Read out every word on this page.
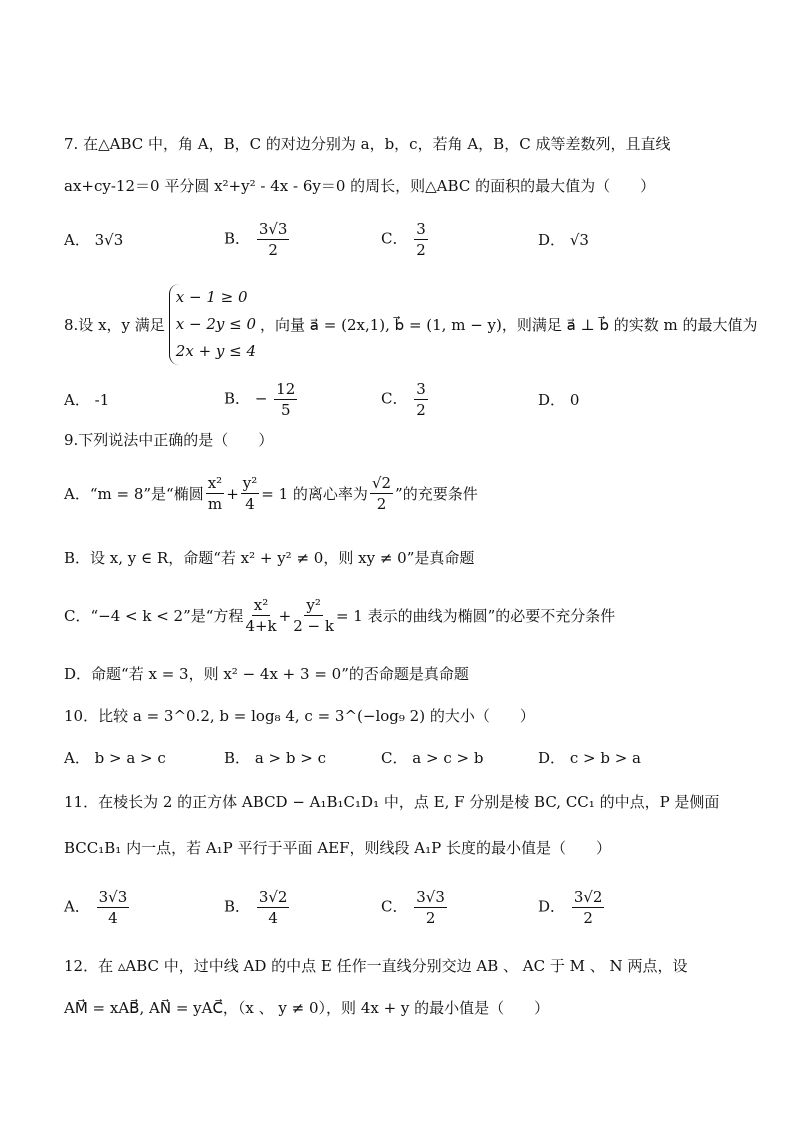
7. 在△ABC 中，角 A，B，C 的对边分别为 a，b，c，若角 A，B，C 成等差数列，且直线
ax+cy-12＝0 平分圆 x²+y² - 4x - 6y＝0 的周长，则△ABC 的面积的最大值为（　　）
A． 3√3	B． $\frac{3√3}{2}$	C． $\frac{3}{2}$	D． √3
8.设 x，y 满足
x − 1 ≥ 0
x − 2y ≤ 0
2x + y ≤ 4
，向量 a⃗ = (2x,1), b⃗ = (1, m − y)，则满足 a⃗ ⊥ b⃗ 的实数 m 的最大值为
A． -1	B． − $\frac{12}{5}$	C． $\frac{3}{2}$	D． 0
9.下列说法中正确的是（　　）
A．“m = 8”是“椭圆 $\frac{\text{x²}}{m} + \frac{\text{y²}}{4} = 1$ 的离心率为 $\frac{√2}{2}$ ”的充要条件
B．设 x, y ∈ R，命题“若 x² + y² ≠ 0，则 xy ≠ 0”是真命题
C．“−4 < k < 2”是“方程 $\frac{\text{x²}}{4+k} + \frac{\text{y²}}{2 - k} = 1$ 表示的曲线为椭圆”的必要不充分条件
D．命题“若 x = 3，则 x² − 4x + 3 = 0”的否命题是真命题
10．比较 a = 3^0.2, b = log₈ 4, c = 3^(−log₉ 2) 的大小（　　）
A． b > a > c	B． a > b > c	C． a > c > b	D． c > b > a
11．在棱长为 2 的正方体 ABCD − A₁B₁C₁D₁ 中，点 E, F 分别是棱 BC, CC₁ 的中点，P 是侧面
BCC₁B₁ 内一点，若 A₁P 平行于平面 AEF，则线段 A₁P 长度的最小值是（　　）
A． $\frac{3√3}{4}$	B． $\frac{3√2}{4}$	C． $\frac{3√3}{2}$	D． $\frac{3√2}{2}$
12．在 ▵ABC 中，过中线 AD 的中点 E 任作一直线分别交边 AB 、 AC 于 M 、 N 两点，设
AM⃗ = xAB⃗, AN⃗ = yAC⃗，（x 、 y ≠ 0），则 4x + y 的最小值是（　　）
